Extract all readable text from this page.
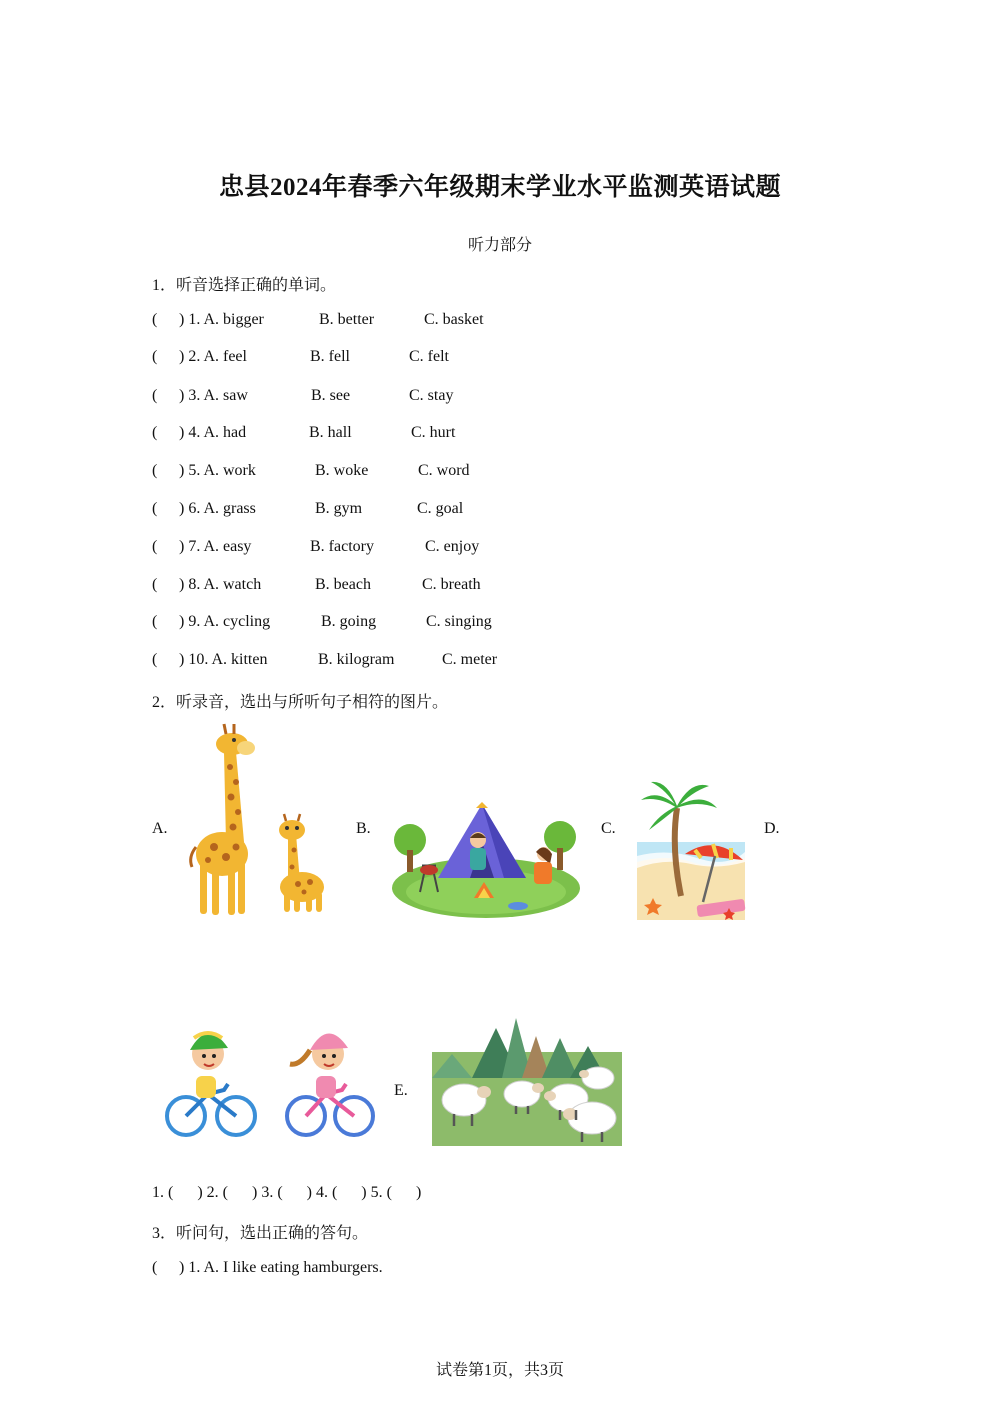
忠县2024年春季六年级期末学业水平监测英语试题
听力部分
1．听音选择正确的单词。
( ) 1. A. bigger	B. better	C. basket
( ) 2. A. feel	B. fell	C. felt
( ) 3. A. saw	B. see	C. stay
( ) 4. A. had	B. hall	C. hurt
( ) 5. A. work	B. woke	C. word
( ) 6. A. grass	B. gym	C. goal
( ) 7. A. easy	B. factory	C. enjoy
( ) 8. A. watch	B. beach	C. breath
( ) 9. A. cycling	B. going	C. singing
( ) 10. A. kitten	B. kilogram	C. meter
2．听录音，选出与所听句子相符的图片。
A.	B.	C.	D.
E.
1. (      ) 2. (      ) 3. (      ) 4. (      ) 5. (      )
3．听问句，选出正确的答句。
( ) 1. A. I like eating hamburgers.
试卷第1页，共3页
